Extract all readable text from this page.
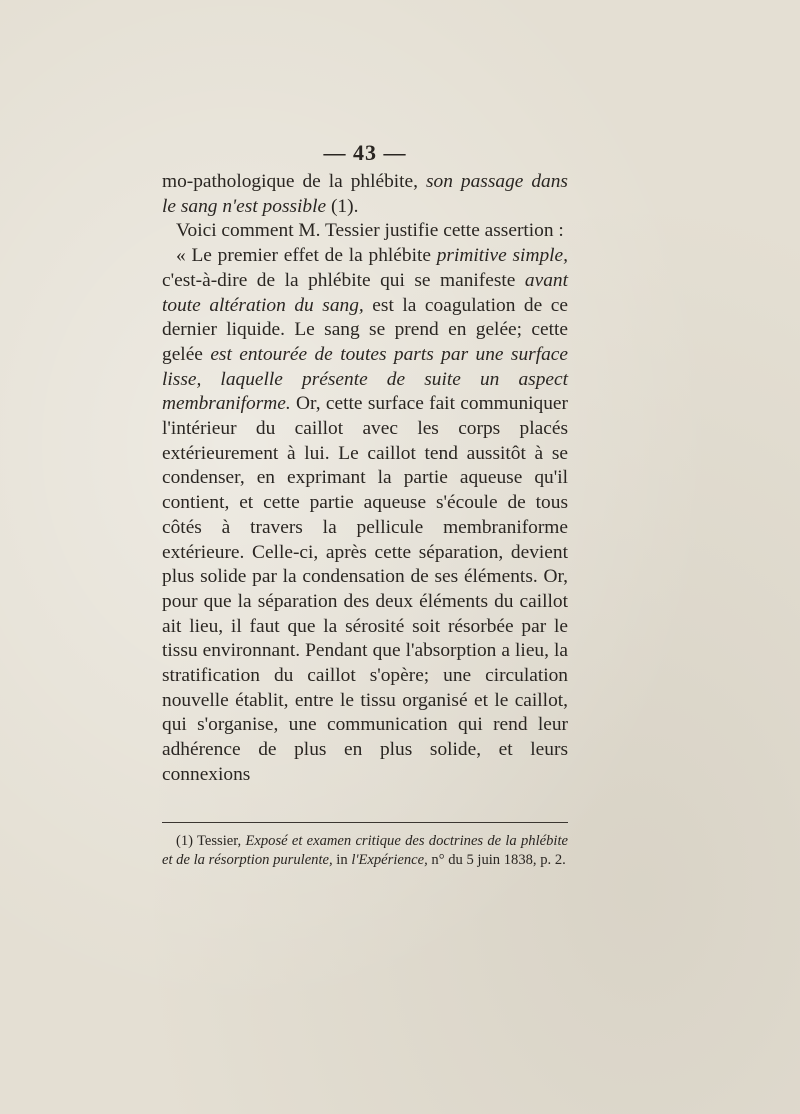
— 43 —

mo-pathologique de la phlébite, son passage dans le sang n'est possible (1).

Voici comment M. Tessier justifie cette assertion :

« Le premier effet de la phlébite primitive simple, c'est-à-dire de la phlébite qui se manifeste avant toute altération du sang, est la coagulation de ce dernier liquide. Le sang se prend en gelée; cette gelée est entourée de toutes parts par une surface lisse, laquelle présente de suite un aspect membraniforme. Or, cette surface fait communiquer l'intérieur du caillot avec les corps placés extérieurement à lui. Le caillot tend aussitôt à se condenser, en exprimant la partie aqueuse qu'il contient, et cette partie aqueuse s'écoule de tous côtés à travers la pellicule membraniforme extérieure. Celle-ci, après cette séparation, devient plus solide par la condensation de ses éléments. Or, pour que la séparation des deux éléments du caillot ait lieu, il faut que la sérosité soit résorbée par le tissu environnant. Pendant que l'absorption a lieu, la stratification du caillot s'opère; une circulation nouvelle établit, entre le tissu organisé et le caillot, qui s'organise, une communication qui rend leur adhérence de plus en plus solide, et leurs connexions

(1) Tessier, Exposé et examen critique des doctrines de la phlébite et de la résorption purulente, in l'Expérience, n° du 5 juin 1838, p. 2.
